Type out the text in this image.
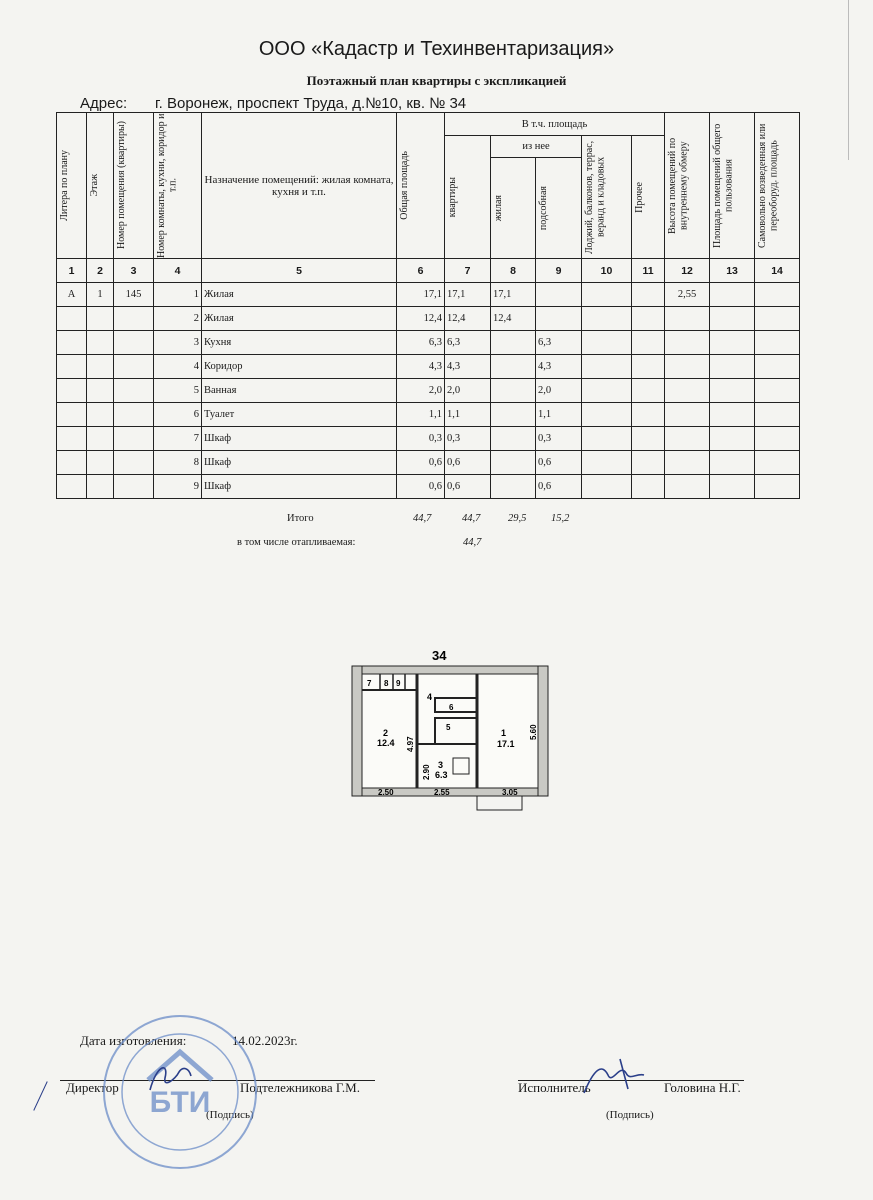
ООО «Кадастр и Техинвентаризация»
Поэтажный план квартиры с экспликацией
Адрес: г. Воронеж, проспект Труда, д.№10, кв. № 34
Литера по плану	Этаж	Номер помещения (квартиры)	Номер комнаты, кухни, коридор и т.п.	Назначение помещений: жилая комната, кухня и т.п.	Общая площадь	В т.ч. площадь					Высота помещений по внутреннему обмеру	Площадь помещений общего пользования	Самовольно возведенная или переоборуд. площадь

						квартиры	из нее		Лоджий, балконов, террас, веранд и кладовых	Прочее			

							жилая	подсобная					

1	2	3	4	5	6	7	8	9	10	11	12	13	14
А	1	145	1	Жилая	17,1	17,1	17,1				2,55		
			2	Жилая	12,4	12,4	12,4						
			3	Кухня	6,3	6,3		6,3					
			4	Коридор	4,3	4,3		4,3					
			5	Ванная	2,0	2,0		2,0					
			6	Туалет	1,1	1,1		1,1					
			7	Шкаф	0,3	0,3		0,3					
			8	Шкаф	0,6	0,6		0,6					
			9	Шкаф	0,6	0,6		0,6					
Итого	44,7	44,7	29,5 15,2
в том числе отапливаемая:	44,7
34
7 8 9
4
6
5
2
12.4
1
17.1
3
6.3
4.97
2.90
5.60
2.50	2.55	3.05
Дата изготовления:	14.02.2023г.
Директор	Подтележникова Г.М.
(Подпись)
Исполнитель	Головина Н.Г.
(Подпись)
БТИ
